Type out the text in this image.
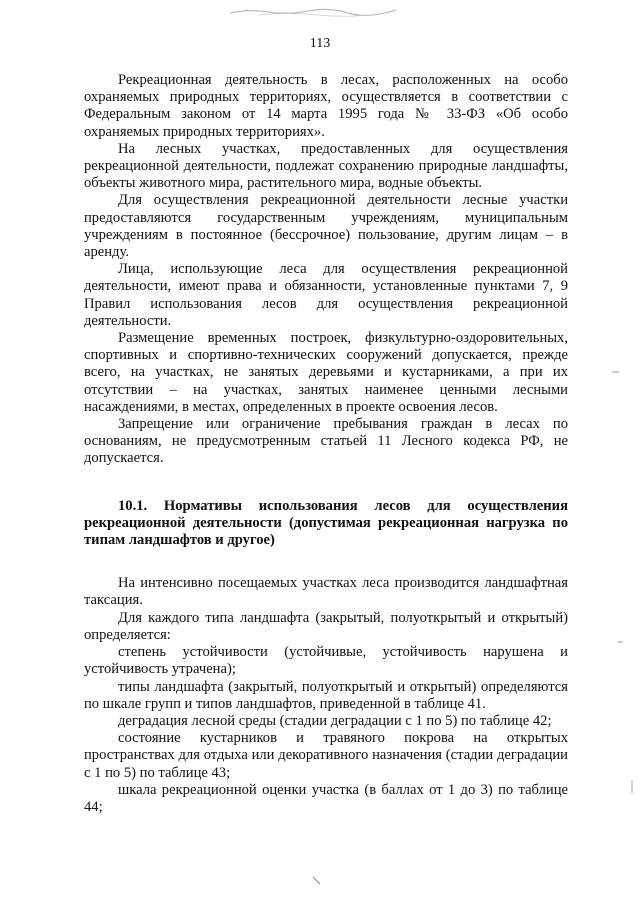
113

Рекреационная деятельность в лесах, расположенных на особо охраняемых природных территориях, осуществляется в соответствии с Федеральным законом от 14 марта 1995 года № 33-ФЗ «Об особо охраняемых природных территориях».

На лесных участках, предоставленных для осуществления рекреационной деятельности, подлежат сохранению природные ландшафты, объекты животного мира, растительного мира, водные объекты.

Для осуществления рекреационной деятельности лесные участки предоставляются государственным учреждениям, муниципальным учреждениям в постоянное (бессрочное) пользование, другим лицам – в аренду.

Лица, использующие леса для осуществления рекреационной деятельности, имеют права и обязанности, установленные пунктами 7, 9 Правил использования лесов для осуществления рекреационной деятельности.

Размещение временных построек, физкультурно-оздоровительных, спортивных и спортивно-технических сооружений допускается, прежде всего, на участках, не занятых деревьями и кустарниками, а при их отсутствии – на участках, занятых наименее ценными лесными насаждениями, в местах, определенных в проекте освоения лесов.

Запрещение или ограничение пребывания граждан в лесах по основаниям, не предусмотренным статьей 11 Лесного кодекса РФ, не допускается.

10.1. Нормативы использования лесов для осуществления рекреационной деятельности (допустимая рекреационная нагрузка по типам ландшафтов и другое)

На интенсивно посещаемых участках леса производится ландшафтная таксация.

Для каждого типа ландшафта (закрытый, полуоткрытый и открытый) определяется:

степень устойчивости (устойчивые, устойчивость нарушена и устойчивость утрачена);

типы ландшафта (закрытый, полуоткрытый и открытый) определяются по шкале групп и типов ландшафтов, приведенной в таблице 41.

деградация лесной среды (стадии деградации с 1 по 5) по таблице 42;

состояние кустарников и травяного покрова на открытых пространствах для отдыха или декоративного назначения (стадии деградации с 1 по 5) по таблице 43;

шкала рекреационной оценки участка (в баллах от 1 до 3) по таблице 44;
